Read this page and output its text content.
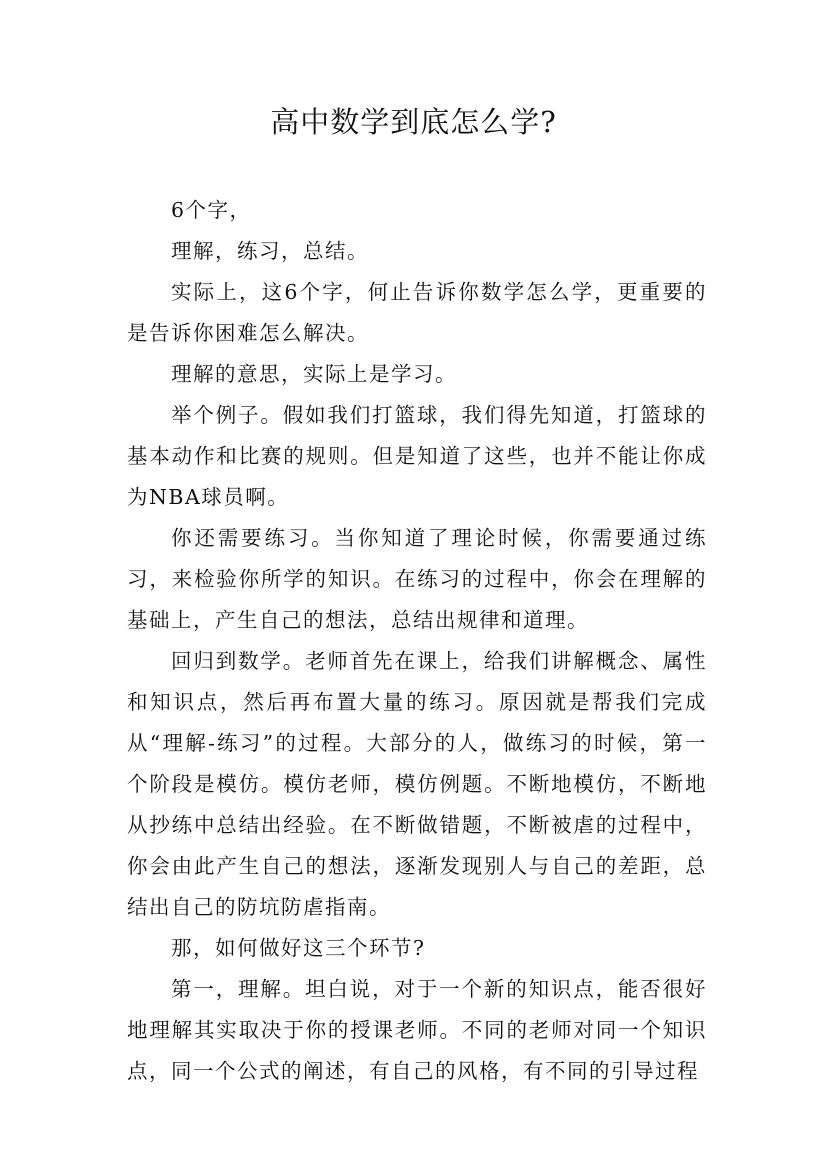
高中数学到底怎么学?

6个字，

理解，练习，总结。

实际上，这6个字，何止告诉你数学怎么学，更重要的是告诉你困难怎么解决。

理解的意思，实际上是学习。

举个例子。假如我们打篮球，我们得先知道，打篮球的基本动作和比赛的规则。但是知道了这些，也并不能让你成为NBA球员啊。

你还需要练习。当你知道了理论时候，你需要通过练习，来检验你所学的知识。在练习的过程中，你会在理解的基础上，产生自己的想法，总结出规律和道理。

回归到数学。老师首先在课上，给我们讲解概念、属性和知识点，然后再布置大量的练习。原因就是帮我们完成从“理解-练习”的过程。大部分的人，做练习的时候，第一个阶段是模仿。模仿老师，模仿例题。不断地模仿，不断地从抄练中总结出经验。在不断做错题，不断被虐的过程中，你会由此产生自己的想法，逐渐发现别人与自己的差距，总结出自己的防坑防虐指南。

那，如何做好这三个环节?

第一，理解。坦白说，对于一个新的知识点，能否很好地理解其实取决于你的授课老师。不同的老师对同一个知识点，同一个公式的阐述，有自己的风格，有不同的引导过程
